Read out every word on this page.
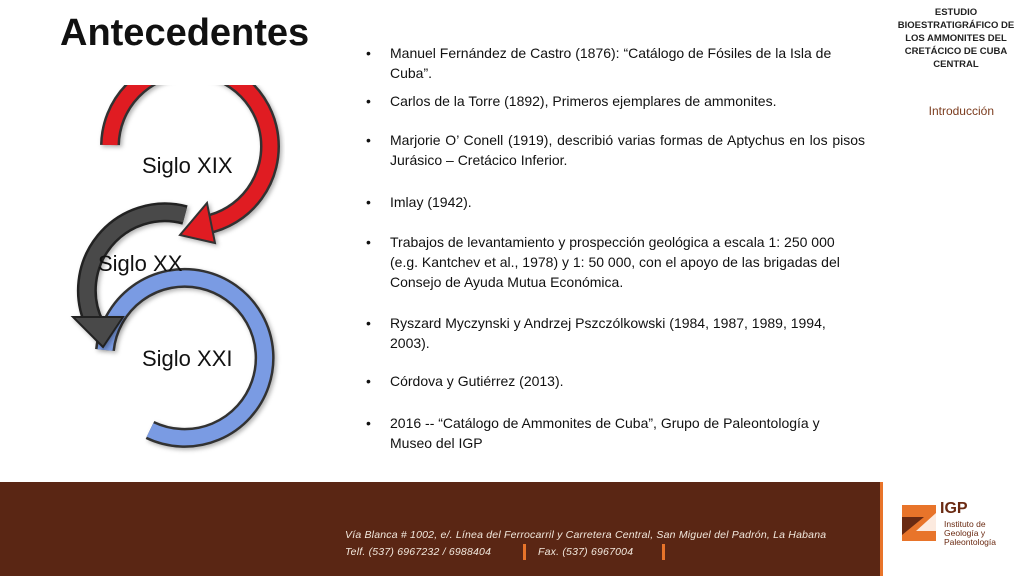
Antecedentes	ESTUDIO
BIOESTRATIGRÁFICO DE
LOS AMMONITES DEL
CRETÁCICO DE CUBA
CENTRAL
Introducción
Siglo XIX
Siglo XX
Siglo XXI
• Manuel Fernández de Castro (1876): “Catálogo de Fósiles de la Isla de Cuba”.
• Carlos de la Torre (1892), Primeros ejemplares de ammonites.
• Marjorie O’ Conell (1919), describió varias formas de Aptychus en los pisos Jurásico – Cretácico Inferior.
• Imlay (1942).
• Trabajos de levantamiento y prospección geológica a escala 1: 250 000 (e.g. Kantchev et al., 1978) y 1: 50 000, con el apoyo de las brigadas del Consejo de Ayuda Mutua Económica.
• Ryszard Myczynski y Andrzej Pszczólkowski (1984, 1987, 1989, 1994, 2003).
• Córdova y Gutiérrez (2013).
• 2016 -- “Catálogo de Ammonites de Cuba”, Grupo de Paleontología y Museo del IGP
Vía Blanca # 1002, e/. Línea del Ferrocarril y Carretera Central, San Miguel del Padrón, La Habana
Telf. (537) 6967232 / 6988404	Fax. (537) 6967004
IGP
Instituto de Geología y Paleontología
